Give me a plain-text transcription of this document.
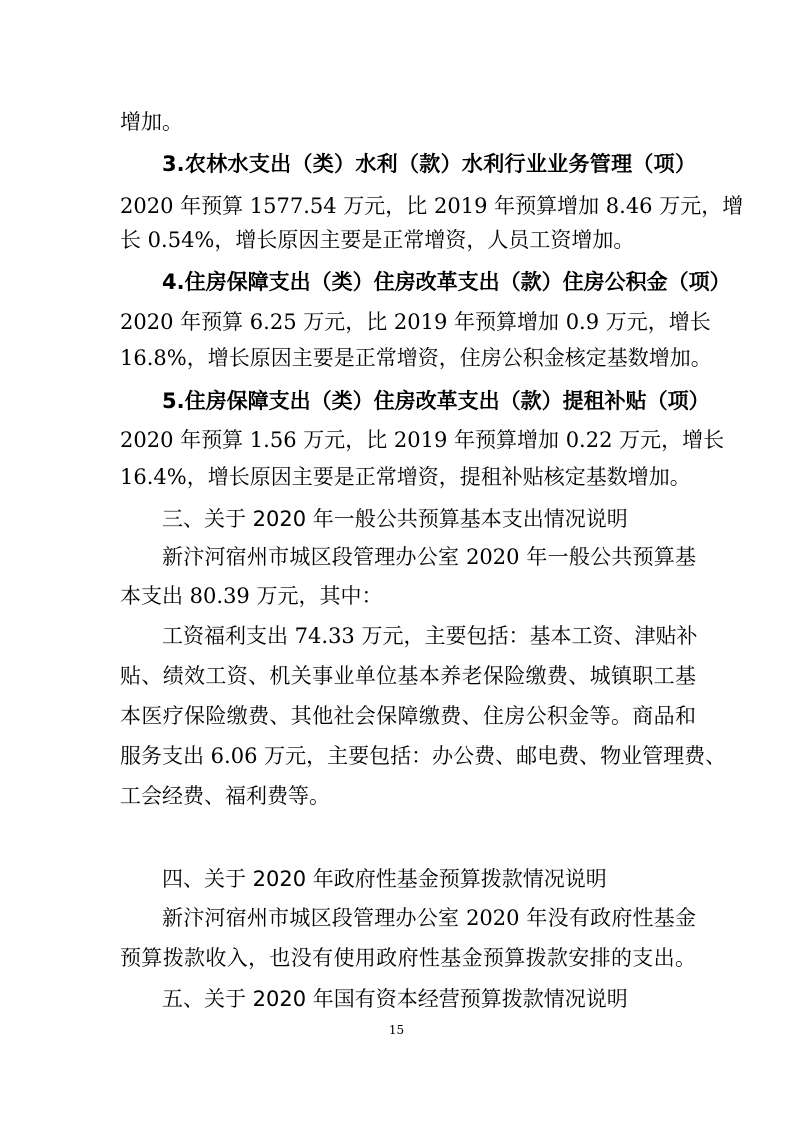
增加。
3.农林水支出（类）水利（款）水利行业业务管理（项）
2020 年预算 1577.54 万元，比 2019 年预算增加 8.46 万元，增
长 0.54%，增长原因主要是正常增资，人员工资增加。
4.住房保障支出（类）住房改革支出（款）住房公积金（项）
2020 年预算 6.25 万元，比 2019 年预算增加 0.9 万元，增长
16.8%，增长原因主要是正常增资，住房公积金核定基数增加。
5.住房保障支出（类）住房改革支出（款）提租补贴（项）
2020 年预算 1.56 万元，比 2019 年预算增加 0.22 万元，增长
16.4%，增长原因主要是正常增资，提租补贴核定基数增加。
三、关于 2020 年一般公共预算基本支出情况说明
新汴河宿州市城区段管理办公室 2020 年一般公共预算基
本支出 80.39 万元，其中：
工资福利支出 74.33 万元，主要包括：基本工资、津贴补
贴、绩效工资、机关事业单位基本养老保险缴费、城镇职工基
本医疗保险缴费、其他社会保障缴费、住房公积金等。商品和
服务支出 6.06 万元，主要包括：办公费、邮电费、物业管理费、
工会经费、福利费等。
四、关于 2020 年政府性基金预算拨款情况说明
新汴河宿州市城区段管理办公室 2020 年没有政府性基金
预算拨款收入，也没有使用政府性基金预算拨款安排的支出。
五、关于 2020 年国有资本经营预算拨款情况说明
15
